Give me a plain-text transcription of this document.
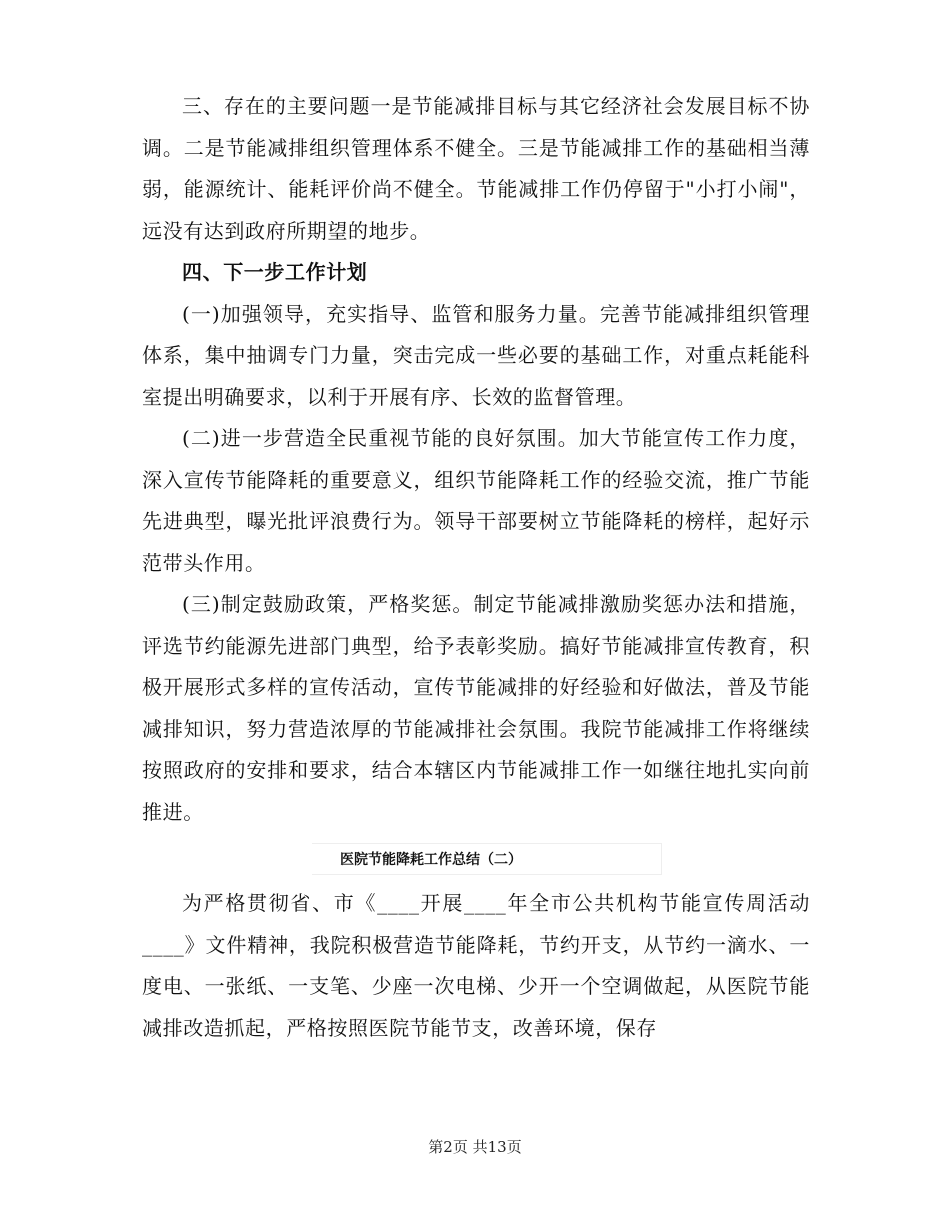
三、存在的主要问题一是节能减排目标与其它经济社会发展目标不协调。二是节能减排组织管理体系不健全。三是节能减排工作的基础相当薄弱，能源统计、能耗评价尚不健全。节能减排工作仍停留于"小打小闹"，远没有达到政府所期望的地步。

四、下一步工作计划

(一)加强领导，充实指导、监管和服务力量。完善节能减排组织管理体系，集中抽调专门力量，突击完成一些必要的基础工作，对重点耗能科室提出明确要求，以利于开展有序、长效的监督管理。

(二)进一步营造全民重视节能的良好氛围。加大节能宣传工作力度，深入宣传节能降耗的重要意义，组织节能降耗工作的经验交流，推广节能先进典型，曝光批评浪费行为。领导干部要树立节能降耗的榜样，起好示范带头作用。

(三)制定鼓励政策，严格奖惩。制定节能减排激励奖惩办法和措施，评选节约能源先进部门典型，给予表彰奖励。搞好节能减排宣传教育，积极开展形式多样的宣传活动，宣传节能减排的好经验和好做法，普及节能减排知识，努力营造浓厚的节能减排社会氛围。我院节能减排工作将继续按照政府的安排和要求，结合本辖区内节能减排工作一如继往地扎实向前推进。

医院节能降耗工作总结（二）

为严格贯彻省、市《____开展____年全市公共机构节能宣传周活动____》文件精神，我院积极营造节能降耗，节约开支，从节约一滴水、一度电、一张纸、一支笔、少座一次电梯、少开一个空调做起，从医院节能减排改造抓起，严格按照医院节能节支，改善环境，保存

第2页 共13页
